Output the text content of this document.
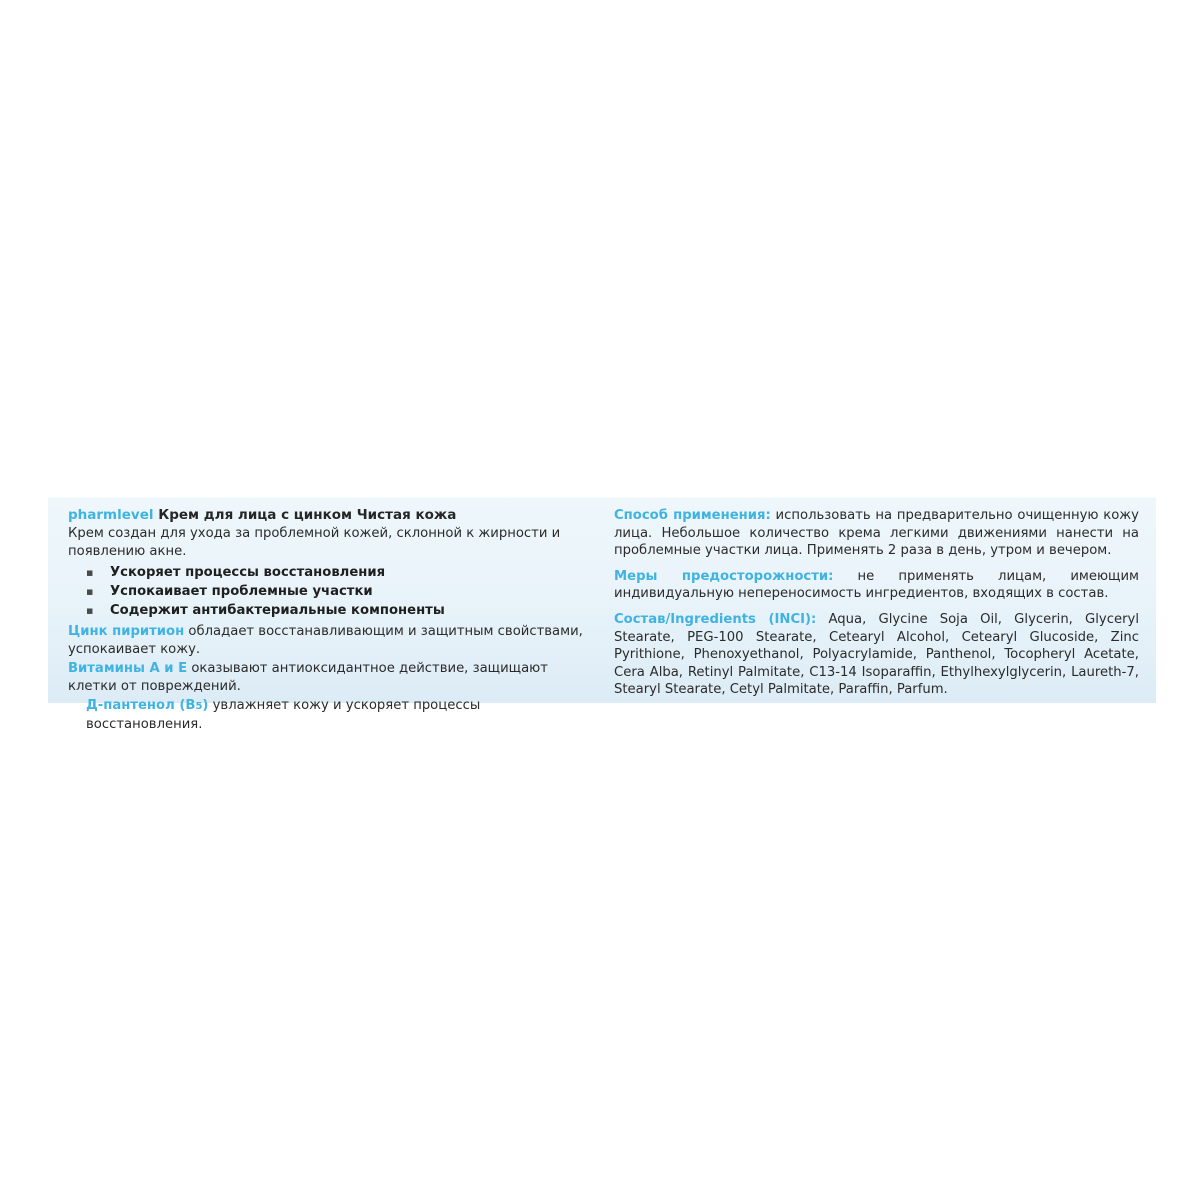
pharmlevel Крем для лица с цинком Чистая кожа

Крем создан для ухода за проблемной кожей, склонной к жирности и появлению акне.

▪ Ускоряет процессы восстановления
▪ Успокаивает проблемные участки
▪ Содержит антибактериальные компоненты

Цинк пиритион обладает восстанавливающим и защитным свойствами, успокаивает кожу.

Витамины А и Е оказывают антиоксидантное действие, защищают клетки от повреждений.

Д-пантенол (В5) увлажняет кожу и ускоряет процессы восстановления.

Способ применения: использовать на предварительно очищенную кожу лица. Небольшое количество крема легкими движениями нанести на проблемные участки лица. Применять 2 раза в день, утром и вечером.

Меры предосторожности: не применять лицам, имеющим индивидуальную непереносимость ингредиентов, входящих в состав.

Состав/Ingredients (INCI): Aqua, Glycine Soja Oil, Glycerin, Glyceryl Stearate, PEG-100 Stearate, Cetearyl Alcohol, Cetearyl Glucoside, Zinc Pyrithione, Phenoxyethanol, Polyacrylamide, Panthenol, Tocopheryl Acetate, Cera Alba, Retinyl Palmitate, C13-14 Isoparaffin, Ethylhexylglycerin, Laureth-7, Stearyl Stearate, Cetyl Palmitate, Paraffin, Parfum.
